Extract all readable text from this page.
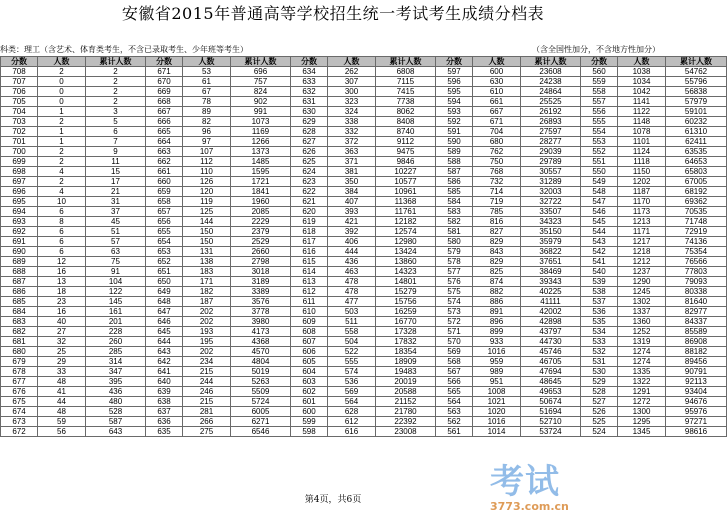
安徽省2015年普通高等学校招生统一考试考生成绩分档表
科类：理工（含艺术、体育类考生，不含已录取考生、少年班等考生）	（含全国性加分，不含地方性加分）
分数	人数	累计人数	分数	人数	累计人数	分数	人数	累计人数	分数	人数	累计人数	分数	人数	累计人数
708	2	2	671	53	696	634	262	6808	597	600	23608	560	1038	54762
707	0	2	670	61	757	633	307	7115	596	630	24238	559	1034	55796
706	0	2	669	67	824	632	300	7415	595	610	24864	558	1042	56838
705	0	2	668	78	902	631	323	7738	594	661	25525	557	1141	57979
704	1	3	667	89	991	630	324	8062	593	667	26192	556	1122	59101
703	2	5	666	82	1073	629	338	8408	592	671	26893	555	1148	60232
702	1	6	665	96	1169	628	332	8740	591	704	27597	554	1078	61310
701	1	7	664	97	1266	627	372	9112	590	680	28277	553	1101	62411
700	2	9	663	107	1373	626	363	9475	589	762	29039	552	1124	63535
699	2	11	662	112	1485	625	371	9846	588	750	29789	551	1118	64653
698	4	15	661	110	1595	624	381	10227	587	768	30557	550	1150	65803
697	2	17	660	126	1721	623	350	10577	586	732	31289	549	1202	67005
696	4	21	659	120	1841	622	384	10961	585	714	32003	548	1187	68192
695	10	31	658	119	1960	621	407	11368	584	719	32722	547	1170	69362
694	6	37	657	125	2085	620	393	11761	583	785	33507	546	1173	70535
693	8	45	656	144	2229	619	421	12182	582	816	34323	545	1213	71748
692	6	51	655	150	2379	618	392	12574	581	827	35150	544	1171	72919
691	6	57	654	150	2529	617	406	12980	580	829	35979	543	1217	74136
690	6	63	653	131	2660	616	444	13424	579	843	36822	542	1218	75354
689	12	75	652	138	2798	615	436	13860	578	829	37651	541	1212	76566
688	16	91	651	183	3018	614	463	14323	577	825	38469	540	1237	77803
687	13	104	650	171	3189	613	478	14801	576	874	39343	539	1290	79093
686	18	122	649	182	3389	612	478	15279	575	882	40225	538	1245	80338
685	23	145	648	187	3576	611	477	15756	574	886	41111	537	1302	81640
684	16	161	647	202	3778	610	503	16259	573	891	42002	536	1337	82977
683	40	201	646	202	3980	609	511	16770	572	896	42898	535	1360	84337
682	27	228	645	193	4173	608	558	17328	571	899	43797	534	1252	85589
681	32	260	644	195	4368	607	504	17832	570	933	44730	533	1319	86908
680	25	285	643	202	4570	606	522	18354	569	1016	45746	532	1274	88182
679	29	314	642	234	4804	605	555	18909	568	959	46705	531	1274	89456
678	33	347	641	215	5019	604	574	19483	567	989	47694	530	1335	90791
677	48	395	640	244	5263	603	536	20019	566	951	48645	529	1322	92113
676	41	436	639	246	5509	602	569	20588	565	1008	49653	528	1291	93404
675	44	480	638	215	5724	601	564	21152	564	1021	50674	527	1272	94676
674	48	528	637	281	6005	600	628	21780	563	1020	51694	526	1300	95976
673	59	587	636	266	6271	599	612	22392	562	1016	52710	525	1295	97271
672	56	643	635	275	6546	598	616	23008	561	1014	53724	524	1345	98616
第4页，共6页	考试
3773.com.cn
